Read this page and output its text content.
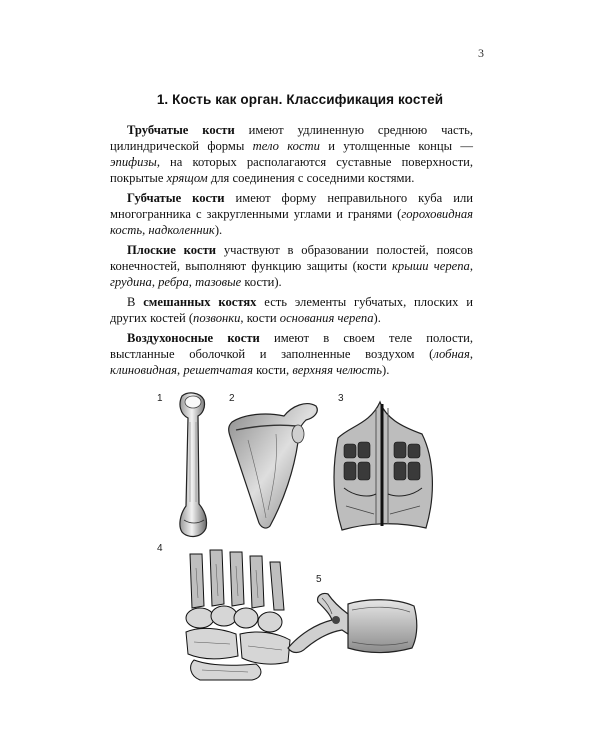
3
1. Кость как орган. Классификация костей

Трубчатые кости имеют удлиненную среднюю часть, цилиндрической формы тело кости и утолщенные концы — эпифизы, на которых располагаются суставные поверхности, покрытые хрящом для соединения с соседними костями.

Губчатые кости имеют форму неправильного куба или многогранника с закругленными углами и гранями (гороховидная кость, надколенник).

Плоские кости участвуют в образовании полостей, поясов конечностей, выполняют функцию защиты (кости крыши черепа, грудина, ребра, тазовые кости).

В смешанных костях есть элементы губчатых, плоских и других костей (позвонки, кости основания черепа).

Воздухоносные кости имеют в своем теле полости, выстланные оболочкой и заполненные воздухом (лобная, клиновидная, решетчатая кости, верхняя челюсть).

1	2	3
4
5
